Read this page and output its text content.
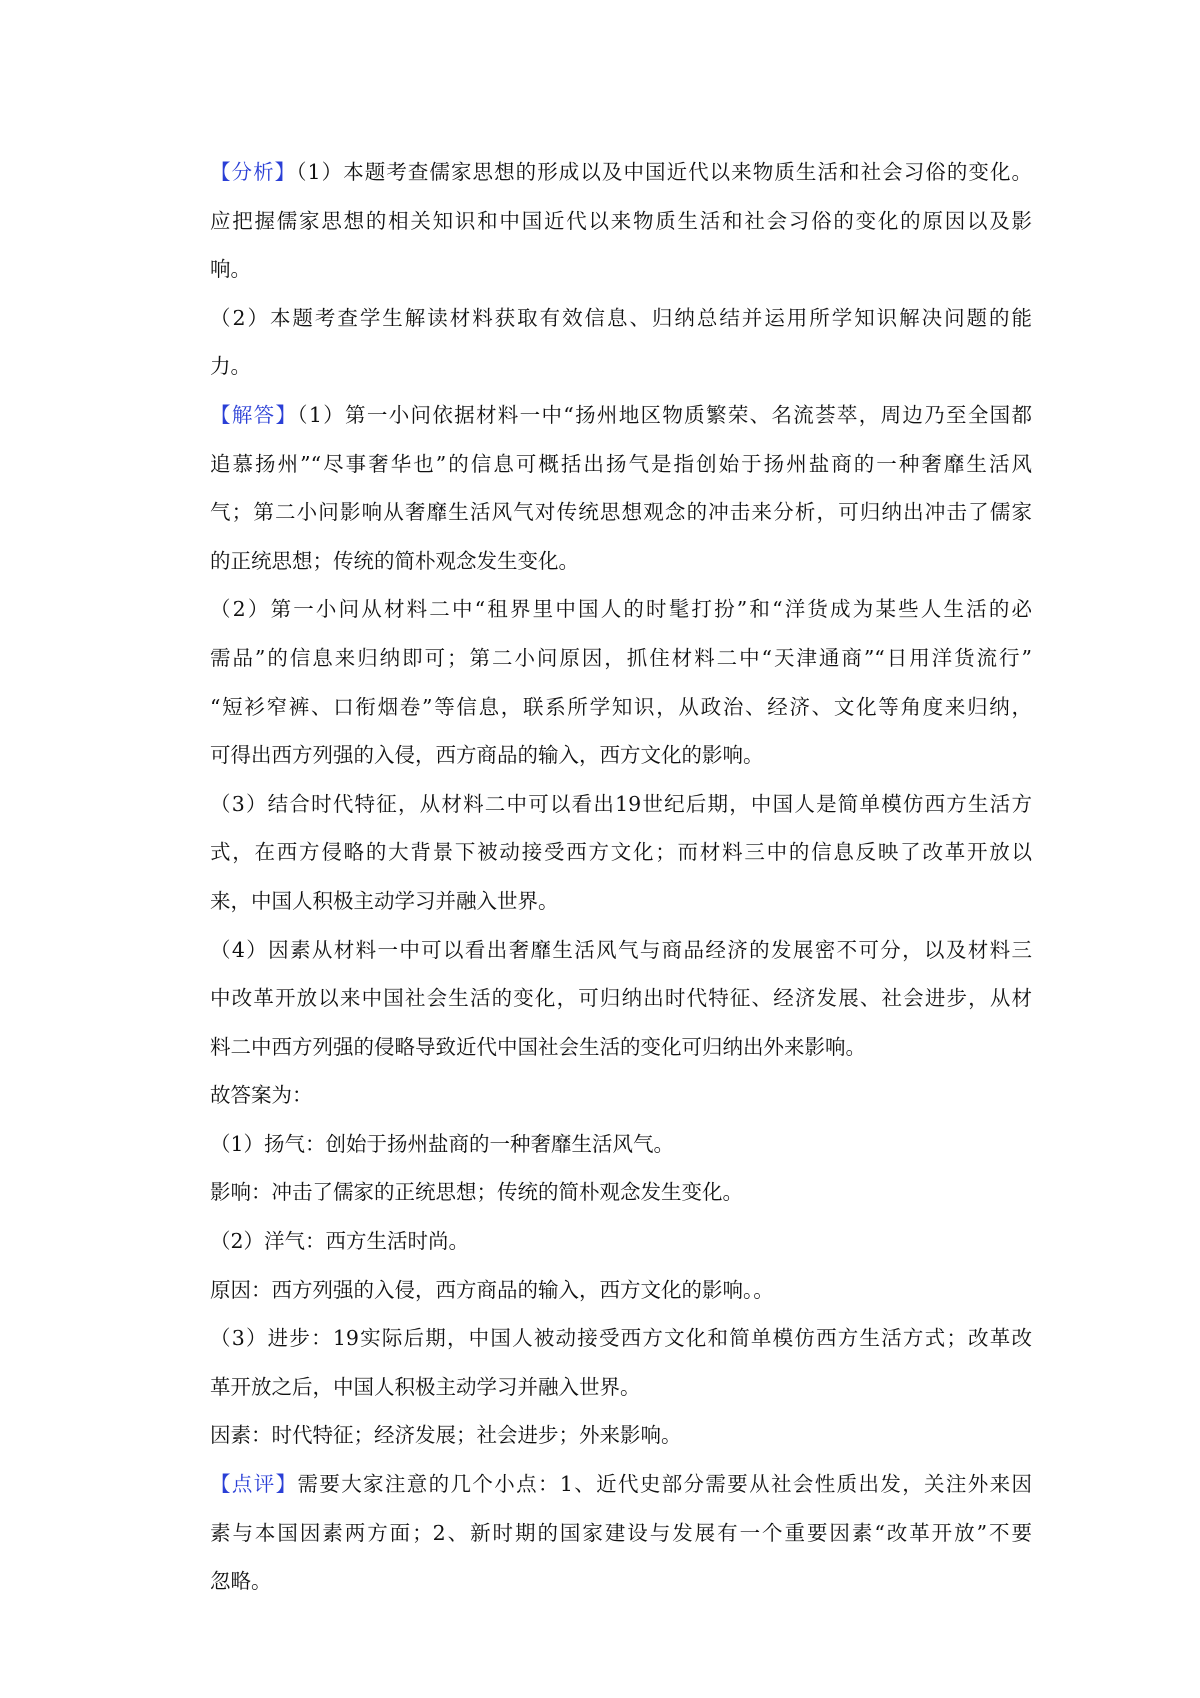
【分析】（1）本题考查儒家思想的形成以及中国近代以来物质生活和社会习俗的变化。
应把握儒家思想的相关知识和中国近代以来物质生活和社会习俗的变化的原因以及影
响。
（2）本题考查学生解读材料获取有效信息、归纳总结并运用所学知识解决问题的能
力。
【解答】（1）第一小问依据材料一中“扬州地区物质繁荣、名流荟萃，周边乃至全国都
追慕扬州”“尽事奢华也”的信息可概括出扬气是指创始于扬州盐商的一种奢靡生活风
气；第二小问影响从奢靡生活风气对传统思想观念的冲击来分析，可归纳出冲击了儒家
的正统思想；传统的简朴观念发生变化。
（2）第一小问从材料二中“租界里中国人的时髦打扮”和“洋货成为某些人生活的必
需品”的信息来归纳即可；第二小问原因，抓住材料二中“天津通商”“日用洋货流行”
“短衫窄裤、口衔烟卷”等信息，联系所学知识，从政治、经济、文化等角度来归纳，
可得出西方列强的入侵，西方商品的输入，西方文化的影响。
（3）结合时代特征，从材料二中可以看出19世纪后期，中国人是简单模仿西方生活方
式，在西方侵略的大背景下被动接受西方文化；而材料三中的信息反映了改革开放以
来，中国人积极主动学习并融入世界。
（4）因素从材料一中可以看出奢靡生活风气与商品经济的发展密不可分，以及材料三
中改革开放以来中国社会生活的变化，可归纳出时代特征、经济发展、社会进步，从材
料二中西方列强的侵略导致近代中国社会生活的变化可归纳出外来影响。
故答案为：
（1）扬气：创始于扬州盐商的一种奢靡生活风气。
影响：冲击了儒家的正统思想；传统的简朴观念发生变化。
（2）洋气：西方生活时尚。
原因：西方列强的入侵，西方商品的输入，西方文化的影响。。
（3）进步：19实际后期，中国人被动接受西方文化和简单模仿西方生活方式；改革改
革开放之后，中国人积极主动学习并融入世界。
因素：时代特征；经济发展；社会进步；外来影响。
【点评】需要大家注意的几个小点：1、近代史部分需要从社会性质出发，关注外来因
素与本国因素两方面；2、新时期的国家建设与发展有一个重要因素“改革开放”不要
忽略。
